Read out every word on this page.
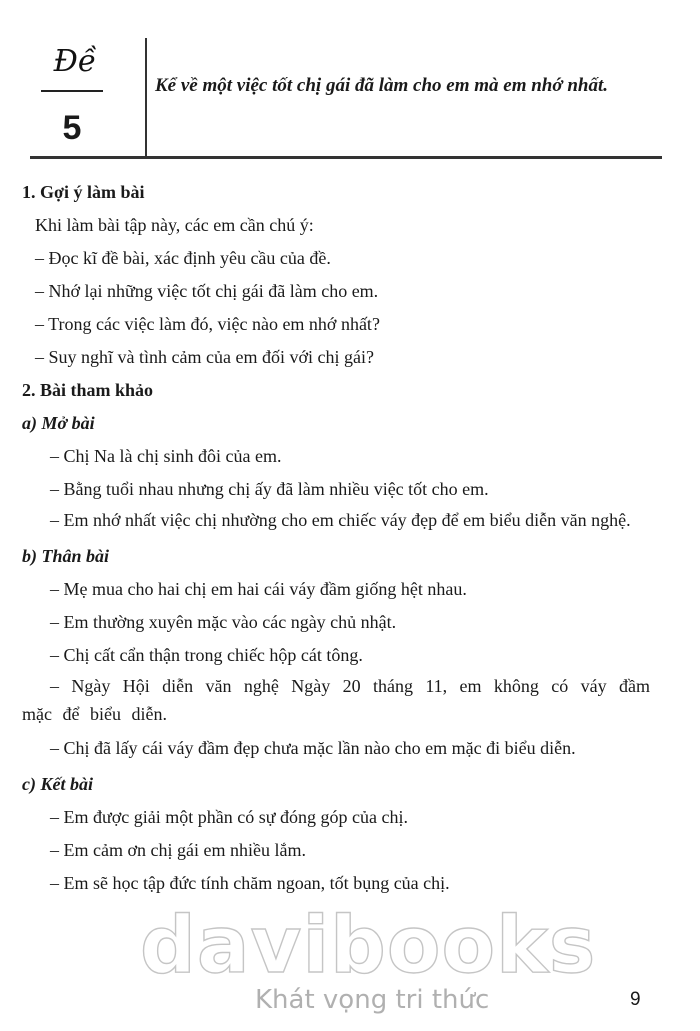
Đề
5

Kể về một việc tốt chị gái đã làm cho em mà em nhớ nhất.

1. Gợi ý làm bài

Khi làm bài tập này, các em cần chú ý:

– Đọc kĩ đề bài, xác định yêu cầu của đề.

– Nhớ lại những việc tốt chị gái đã làm cho em.

– Trong các việc làm đó, việc nào em nhớ nhất?

– Suy nghĩ và tình cảm của em đối với chị gái?

2. Bài tham khảo

a) Mở bài

– Chị Na là chị sinh đôi của em.

– Bằng tuổi nhau nhưng chị ấy đã làm nhiều việc tốt cho em.

– Em nhớ nhất việc chị nhường cho em chiếc váy đẹp để em biểu diễn văn nghệ.

b) Thân bài

– Mẹ mua cho hai chị em hai cái váy đầm giống hệt nhau.

– Em thường xuyên mặc vào các ngày chủ nhật.

– Chị cất cẩn thận trong chiếc hộp cát tông.

– Ngày Hội diễn văn nghệ Ngày 20 tháng 11, em không có váy đầm mặc để biểu diễn.

– Chị đã lấy cái váy đầm đẹp chưa mặc lần nào cho em mặc đi biểu diễn.

c) Kết bài

– Em được giải một phần có sự đóng góp của chị.

– Em cảm ơn chị gái em nhiều lắm.

– Em sẽ học tập đức tính chăm ngoan, tốt bụng của chị.

davibooks
Khát vọng tri thức	9
